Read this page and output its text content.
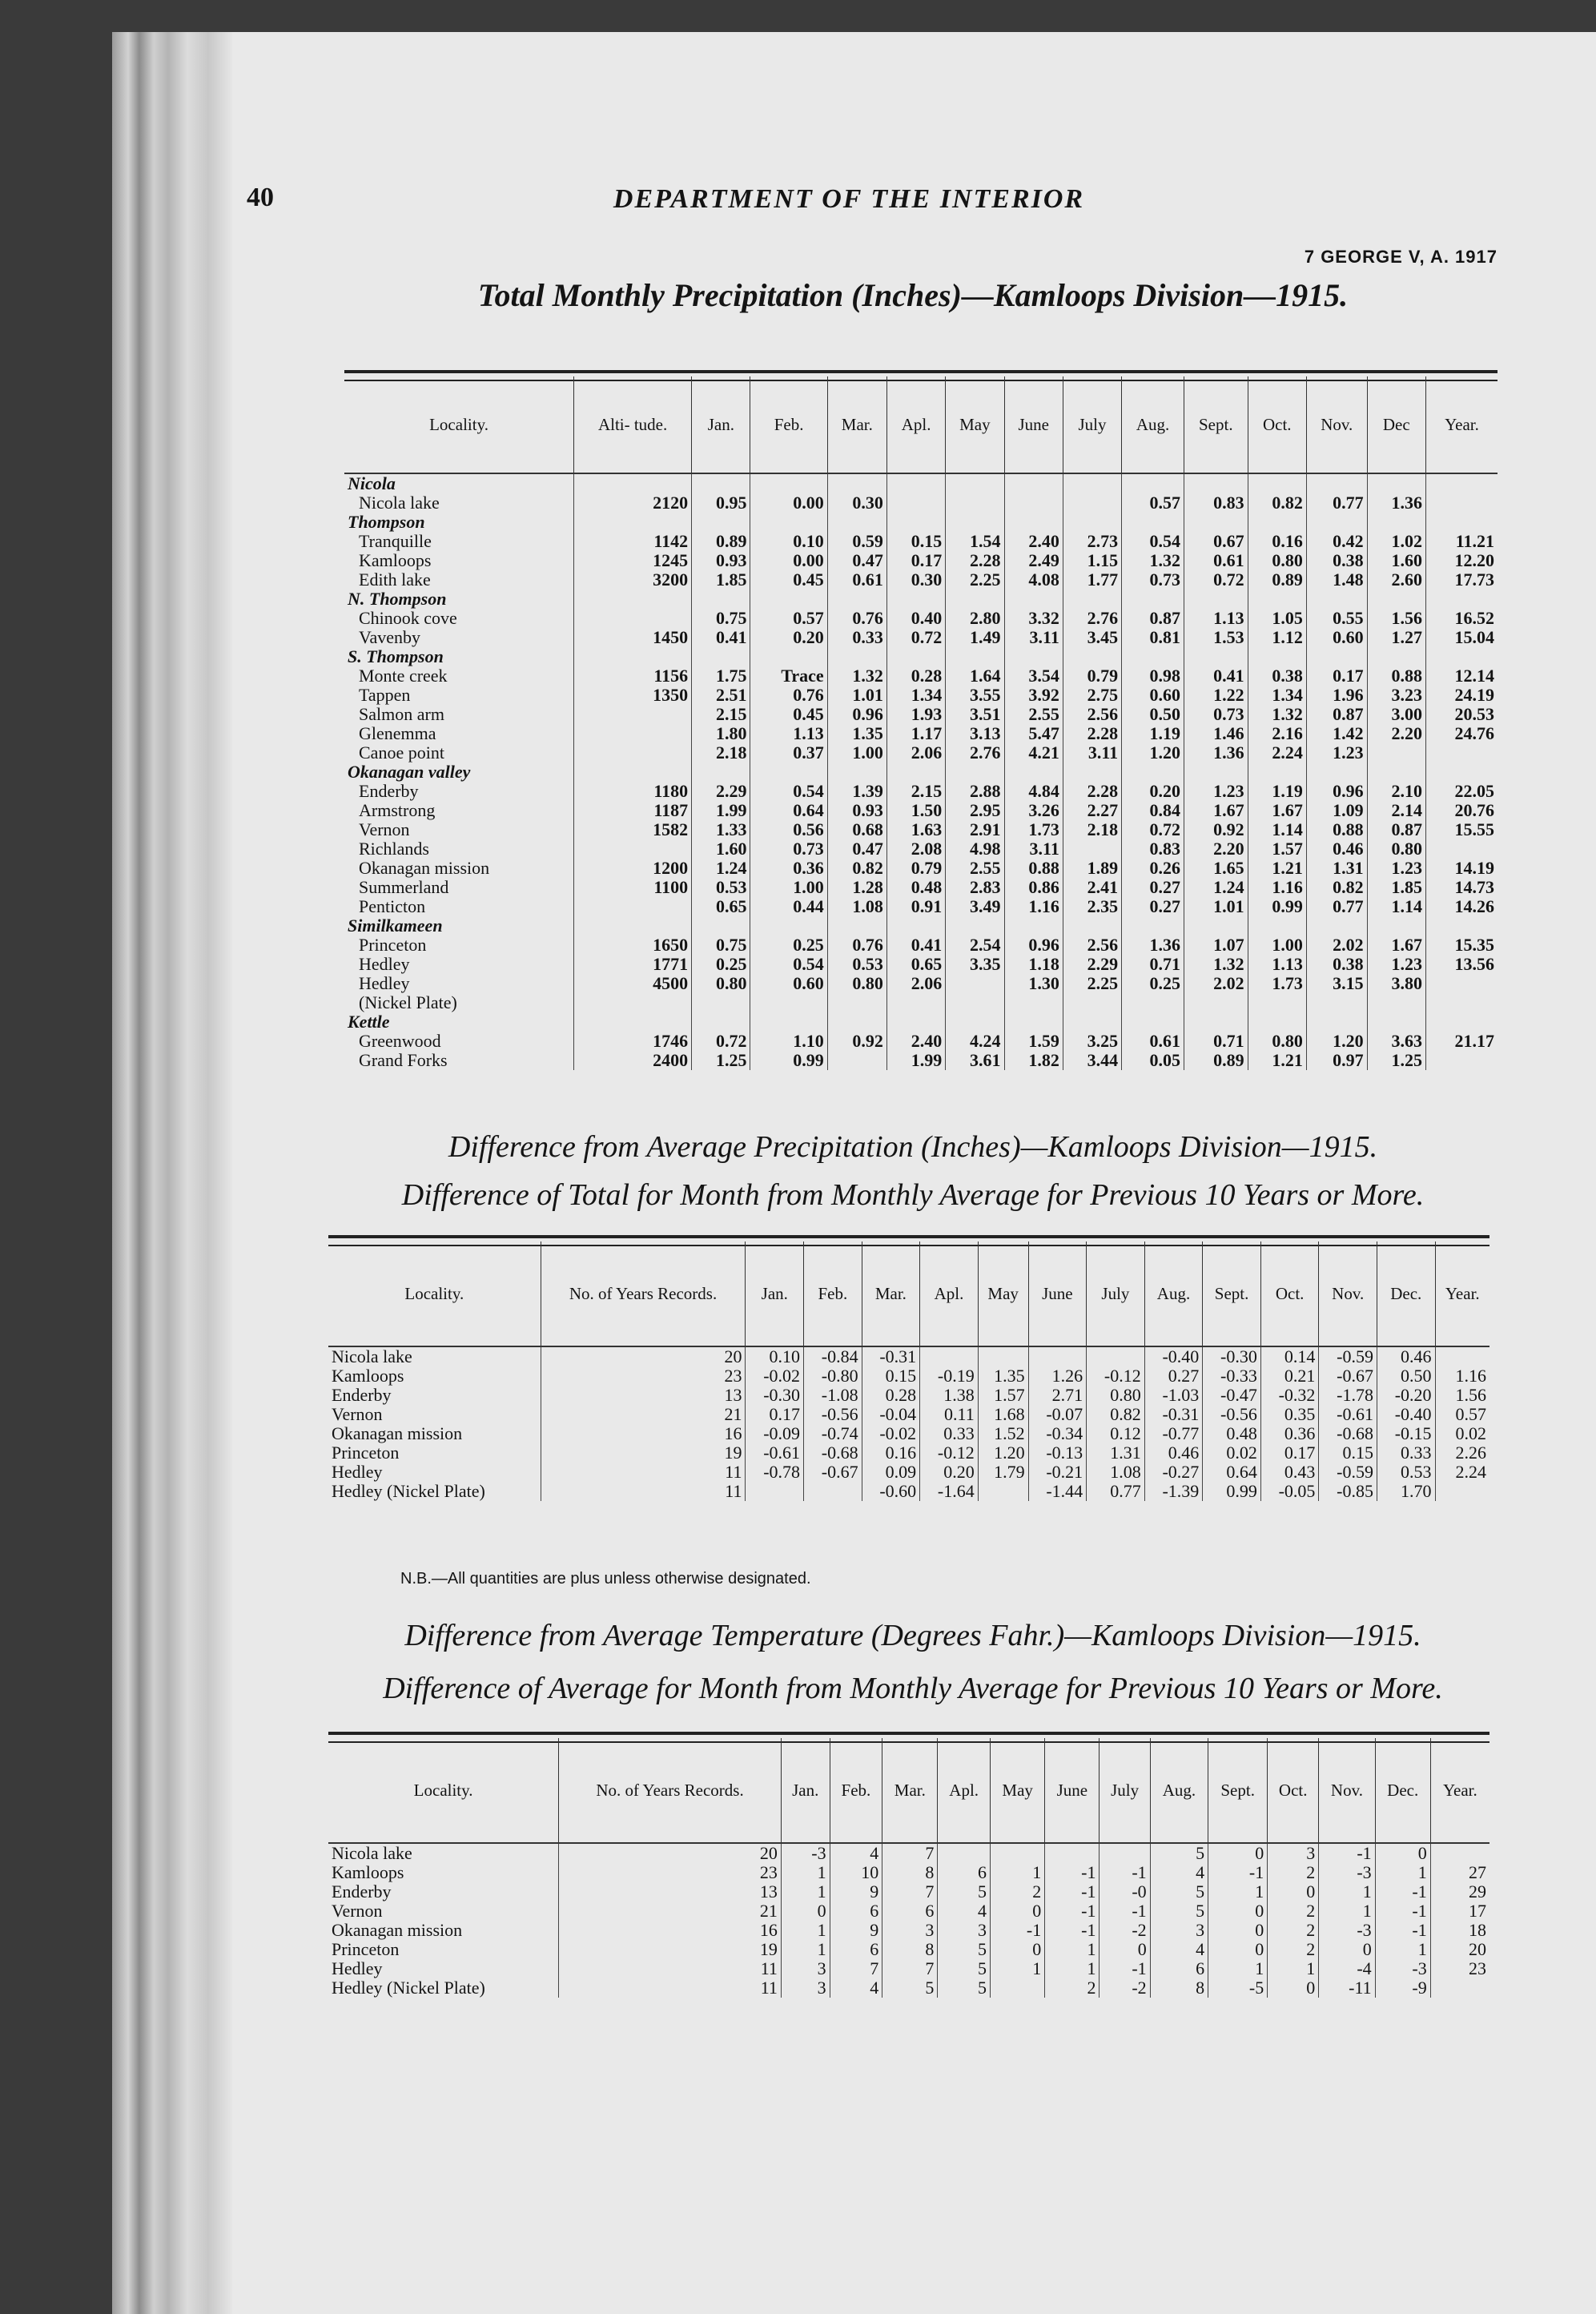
40	DEPARTMENT OF THE INTERIOR
7 GEORGE V, A. 1917
Total Monthly Precipitation (Inches)—Kamloops Division—1915.
Locality.	Alti- tude.	Jan.	Feb.	Mar.	Apl.	May	June	July	Aug.	Sept.	Oct.	Nov.	Dec	Year.
Nicola														
Nicola lake	2120	0.95	0.00	0.30					0.57	0.83	0.82	0.77	1.36	
Thompson														
Tranquille	1142	0.89	0.10	0.59	0.15	1.54	2.40	2.73	0.54	0.67	0.16	0.42	1.02	11.21
Kamloops	1245	0.93	0.00	0.47	0.17	2.28	2.49	1.15	1.32	0.61	0.80	0.38	1.60	12.20
Edith lake	3200	1.85	0.45	0.61	0.30	2.25	4.08	1.77	0.73	0.72	0.89	1.48	2.60	17.73
N. Thompson														
Chinook cove		0.75	0.57	0.76	0.40	2.80	3.32	2.76	0.87	1.13	1.05	0.55	1.56	16.52
Vavenby	1450	0.41	0.20	0.33	0.72	1.49	3.11	3.45	0.81	1.53	1.12	0.60	1.27	15.04
S. Thompson														
Monte creek	1156	1.75	Trace	1.32	0.28	1.64	3.54	0.79	0.98	0.41	0.38	0.17	0.88	12.14
Tappen	1350	2.51	0.76	1.01	1.34	3.55	3.92	2.75	0.60	1.22	1.34	1.96	3.23	24.19
Salmon arm		2.15	0.45	0.96	1.93	3.51	2.55	2.56	0.50	0.73	1.32	0.87	3.00	20.53
Glenemma		1.80	1.13	1.35	1.17	3.13	5.47	2.28	1.19	1.46	2.16	1.42	2.20	24.76
Canoe point		2.18	0.37	1.00	2.06	2.76	4.21	3.11	1.20	1.36	2.24	1.23		
Okanagan valley														
Enderby	1180	2.29	0.54	1.39	2.15	2.88	4.84	2.28	0.20	1.23	1.19	0.96	2.10	22.05
Armstrong	1187	1.99	0.64	0.93	1.50	2.95	3.26	2.27	0.84	1.67	1.67	1.09	2.14	20.76
Vernon	1582	1.33	0.56	0.68	1.63	2.91	1.73	2.18	0.72	0.92	1.14	0.88	0.87	15.55
Richlands		1.60	0.73	0.47	2.08	4.98	3.11		0.83	2.20	1.57	0.46	0.80	
Okanagan mission	1200	1.24	0.36	0.82	0.79	2.55	0.88	1.89	0.26	1.65	1.21	1.31	1.23	14.19
Summerland	1100	0.53	1.00	1.28	0.48	2.83	0.86	2.41	0.27	1.24	1.16	0.82	1.85	14.73
Penticton		0.65	0.44	1.08	0.91	3.49	1.16	2.35	0.27	1.01	0.99	0.77	1.14	14.26
Similkameen														
Princeton	1650	0.75	0.25	0.76	0.41	2.54	0.96	2.56	1.36	1.07	1.00	2.02	1.67	15.35
Hedley	1771	0.25	0.54	0.53	0.65	3.35	1.18	2.29	0.71	1.32	1.13	0.38	1.23	13.56
Hedley	4500	0.80	0.60	0.80	2.06		1.30	2.25	0.25	2.02	1.73	3.15	3.80	
(Nickel Plate)														
Kettle														
Greenwood	1746	0.72	1.10	0.92	2.40	4.24	1.59	3.25	0.61	0.71	0.80	1.20	3.63	21.17
Grand Forks	2400	1.25	0.99		1.99	3.61	1.82	3.44	0.05	0.89	1.21	0.97	1.25	
Difference from Average Precipitation (Inches)—Kamloops Division—1915.
Difference of Total for Month from Monthly Average for Previous 10 Years or More.
Locality.	No. of Years Records.	Jan.	Feb.	Mar.	Apl.	May	June	July	Aug.	Sept.	Oct.	Nov.	Dec.	Year.
Nicola lake	20	0.10	-0.84	-0.31					-0.40	-0.30	0.14	-0.59	0.46	
Kamloops	23	-0.02	-0.80	0.15	-0.19	1.35	1.26	-0.12	0.27	-0.33	0.21	-0.67	0.50	1.16
Enderby	13	-0.30	-1.08	0.28	1.38	1.57	2.71	0.80	-1.03	-0.47	-0.32	-1.78	-0.20	1.56
Vernon	21	0.17	-0.56	-0.04	0.11	1.68	-0.07	0.82	-0.31	-0.56	0.35	-0.61	-0.40	0.57
Okanagan mission	16	-0.09	-0.74	-0.02	0.33	1.52	-0.34	0.12	-0.77	0.48	0.36	-0.68	-0.15	0.02
Princeton	19	-0.61	-0.68	0.16	-0.12	1.20	-0.13	1.31	0.46	0.02	0.17	0.15	0.33	2.26
Hedley	11	-0.78	-0.67	0.09	0.20	1.79	-0.21	1.08	-0.27	0.64	0.43	-0.59	0.53	2.24
Hedley (Nickel Plate)	11			-0.60	-1.64		-1.44	0.77	-1.39	0.99	-0.05	-0.85	1.70	
N.B.—All quantities are plus unless otherwise designated.
Difference from Average Temperature (Degrees Fahr.)—Kamloops Division—1915.
Difference of Average for Month from Monthly Average for Previous 10 Years or More.
Locality.	No. of Years Records.	Jan.	Feb.	Mar.	Apl.	May	June	July	Aug.	Sept.	Oct.	Nov.	Dec.	Year.
Nicola lake	20	-3	4	7					5	0	3	-1	0	
Kamloops	23	1	10	8	6	1	-1	-1	4	-1	2	-3	1	27
Enderby	13	1	9	7	5	2	-1	-0	5	1	0	1	-1	29
Vernon	21	0	6	6	4	0	-1	-1	5	0	2	1	-1	17
Okanagan mission	16	1	9	3	3	-1	-1	-2	3	0	2	-3	-1	18
Princeton	19	1	6	8	5	0	1	0	4	0	2	0	1	20
Hedley	11	3	7	7	5	1	1	-1	6	1	1	-4	-3	23
Hedley (Nickel Plate)	11	3	4	5	5		2	-2	8	-5	0	-11	-9	
